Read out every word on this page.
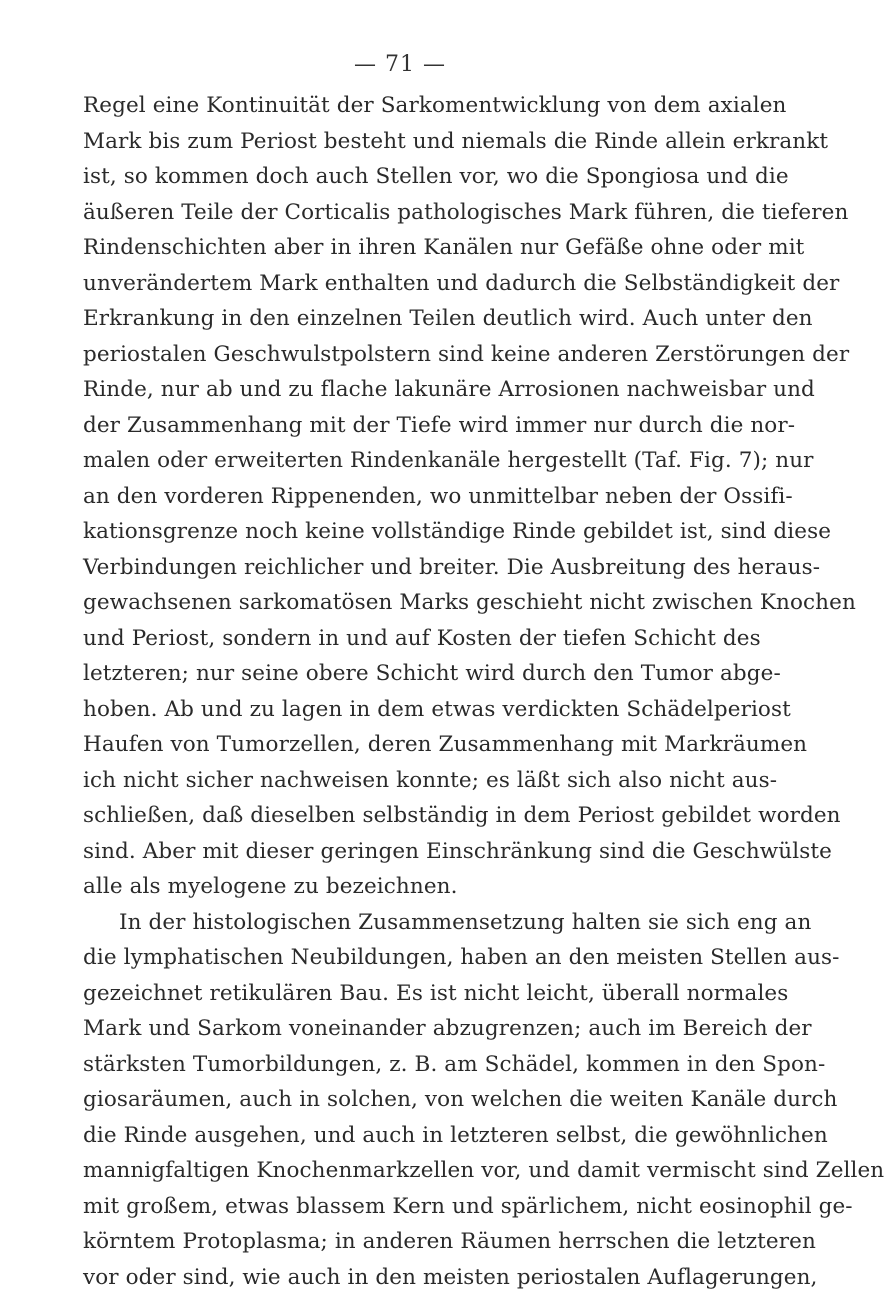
— 71 —
Regel eine Kontinuität der Sarkomentwicklung von dem axialen
Mark bis zum Periost besteht und niemals die Rinde allein erkrankt
ist, so kommen doch auch Stellen vor, wo die Spongiosa und die
äußeren Teile der Corticalis pathologisches Mark führen, die tieferen
Rindenschichten aber in ihren Kanälen nur Gefäße ohne oder mit
unverändertem Mark enthalten und dadurch die Selbständigkeit der
Erkrankung in den einzelnen Teilen deutlich wird. Auch unter den
periostalen Geschwulstpolstern sind keine anderen Zerstörungen der
Rinde, nur ab und zu flache lakunäre Arrosionen nachweisbar und
der Zusammenhang mit der Tiefe wird immer nur durch die nor-
malen oder erweiterten Rindenkanäle hergestellt (Taf. Fig. 7); nur
an den vorderen Rippenenden, wo unmittelbar neben der Ossifi-
kationsgrenze noch keine vollständige Rinde gebildet ist, sind diese
Verbindungen reichlicher und breiter. Die Ausbreitung des heraus-
gewachsenen sarkomatösen Marks geschieht nicht zwischen Knochen
und Periost, sondern in und auf Kosten der tiefen Schicht des
letzteren; nur seine obere Schicht wird durch den Tumor abge-
hoben. Ab und zu lagen in dem etwas verdickten Schädelperiost
Haufen von Tumorzellen, deren Zusammenhang mit Markräumen
ich nicht sicher nachweisen konnte; es läßt sich also nicht aus-
schließen, daß dieselben selbständig in dem Periost gebildet worden
sind. Aber mit dieser geringen Einschränkung sind die Geschwülste
alle als myelogene zu bezeichnen.
In der histologischen Zusammensetzung halten sie sich eng an
die lymphatischen Neubildungen, haben an den meisten Stellen aus-
gezeichnet retikulären Bau. Es ist nicht leicht, überall normales
Mark und Sarkom voneinander abzugrenzen; auch im Bereich der
stärksten Tumorbildungen, z. B. am Schädel, kommen in den Spon-
giosaräumen, auch in solchen, von welchen die weiten Kanäle durch
die Rinde ausgehen, und auch in letzteren selbst, die gewöhnlichen
mannigfaltigen Knochenmarkzellen vor, und damit vermischt sind Zellen
mit großem, etwas blassem Kern und spärlichem, nicht eosinophil ge-
körntem Protoplasma; in anderen Räumen herrschen die letzteren
vor oder sind, wie auch in den meisten periostalen Auflagerungen,
